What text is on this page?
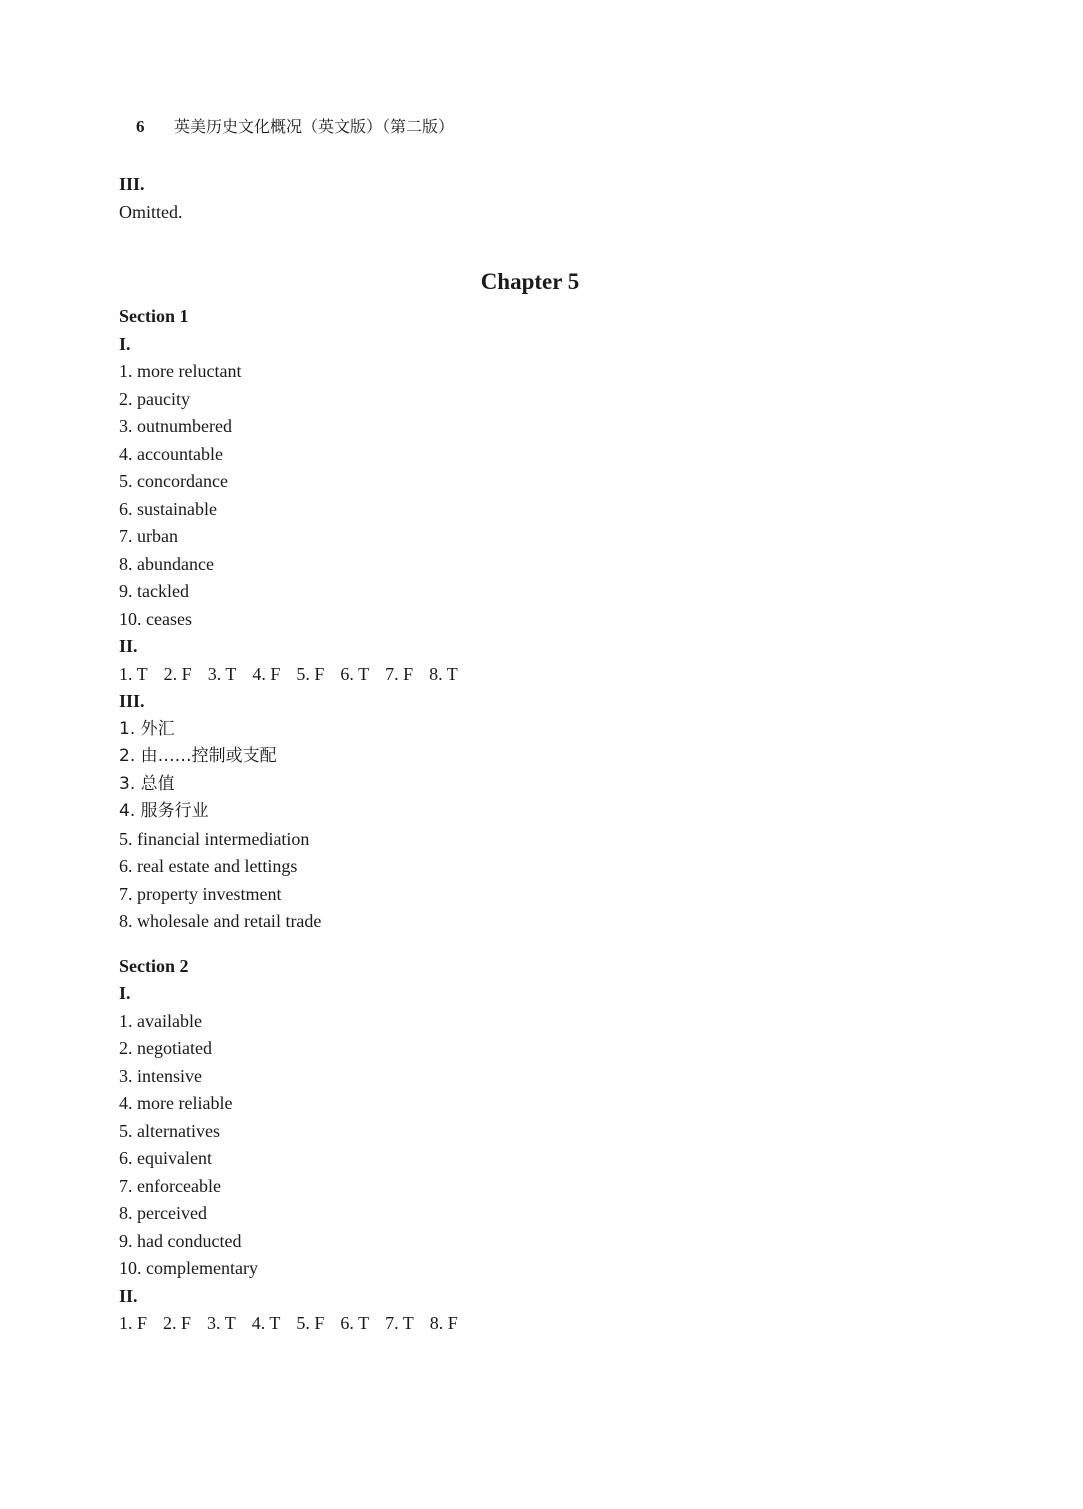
6 英美历史文化概况（英文版）（第二版）
III.
Omitted.
Chapter 5
Section 1
I.
1. more reluctant
2. paucity
3. outnumbered
4. accountable
5. concordance
6. sustainable
7. urban
8. abundance
9. tackled
10. ceases
II.
1. T 2. F 3. T 4. F 5. F 6. T 7. F 8. T
III.
1. 外汇
2. 由……控制或支配
3. 总值
4. 服务行业
5. financial intermediation
6. real estate and lettings
7. property investment
8. wholesale and retail trade
Section 2
I.
1. available
2. negotiated
3. intensive
4. more reliable
5. alternatives
6. equivalent
7. enforceable
8. perceived
9. had conducted
10. complementary
II.
1. F 2. F 3. T 4. T 5. F 6. T 7. T 8. F
